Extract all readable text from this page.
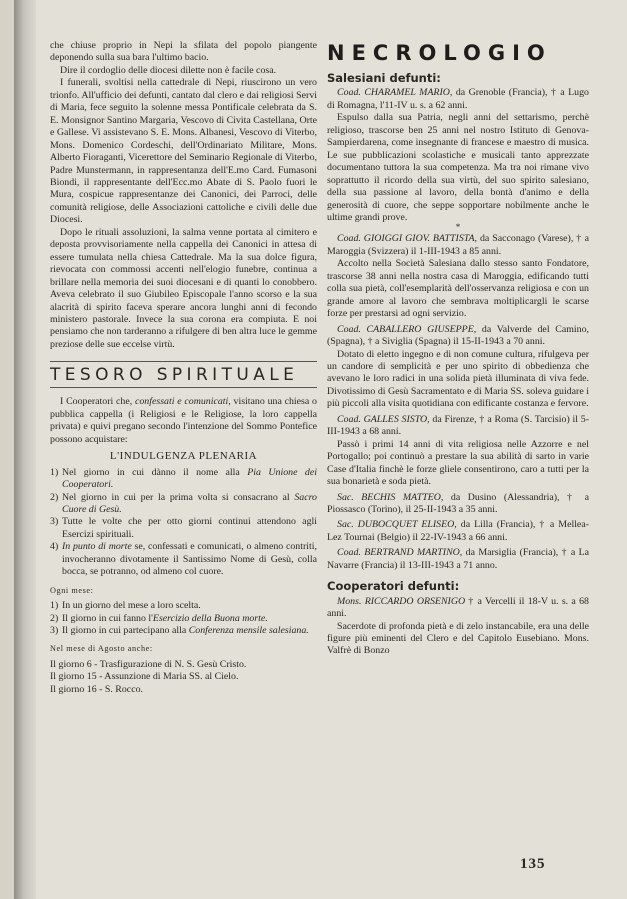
che chiuse proprio in Nepi la sfilata del popolo piangente deponendo sulla sua bara l'ultimo bacio.

Dire il cordoglio delle diocesi dilette non è facile cosa.

I funerali, svoltisi nella cattedrale di Nepi, riuscirono un vero trionfo. All'ufficio dei defunti, cantato dal clero e dai religiosi Servi di Maria, fece seguito la solenne messa Pontificale celebrata da S. E. Monsignor Santino Margaria, Vescovo di Civita Castellana, Orte e Gallese. Vi assistevano S. E. Mons. Albanesi, Vescovo di Viterbo, Mons. Domenico Cordeschi, dell'Ordinariato Militare, Mons. Alberto Fioraganti, Vicerettore del Seminario Regionale di Viterbo, Padre Munstermann, in rappresentanza dell'E.mo Card. Fumasoni Biondi, il rappresentante dell'Ecc.mo Abate di S. Paolo fuori le Mura, cospicue rappresentanze dei Canonici, dei Parroci, delle comunità religiose, delle Associazioni cattoliche e civili delle due Diocesi.

Dopo le rituali assoluzioni, la salma venne portata al cimitero e deposta provvisoriamente nella cappella dei Canonici in attesa di essere tumulata nella chiesa Cattedrale. Ma la sua dolce figura, rievocata con commossi accenti nell'elogio funebre, continua a brillare nella memoria dei suoi diocesani e di quanti lo conobbero. Aveva celebrato il suo Giubileo Episcopale l'anno scorso e la sua alacrità di spirito faceva sperare ancora lunghi anni di fecondo ministero pastorale. Invece la sua corona era compiuta. E noi pensiamo che non tarderanno a rifulgere di ben altra luce le gemme preziose delle sue eccelse virtù.

TESORO SPIRITUALE

I Cooperatori che, confessati e comunicati, visitano una chiesa o pubblica cappella (i Religiosi e le Religiose, la loro cappella privata) e quivi pregano secondo l'intenzione del Sommo Pontefice possono acquistare:

L'INDULGENZA PLENARIA

1) Nel giorno in cui dànno il nome alla Pia Unione dei Cooperatori.

2) Nel giorno in cui per la prima volta si consacrano al Sacro Cuore di Gesù.

3) Tutte le volte che per otto giorni continui attendono agli Esercizi spirituali.

4) In punto di morte se, confessati e comunicati, o almeno contriti, invocheranno divotamente il Santissimo Nome di Gesù, colla bocca, se potranno, od almeno col cuore.

Ogni mese:

1) In un giorno del mese a loro scelta.

2) Il giorno in cui fanno l'Esercizio della Buona morte.

3) Il giorno in cui partecipano alla Conferenza mensile salesiana.

Nel mese di Agosto anche:

Il giorno 6 - Trasfigurazione di N. S. Gesù Cristo.

Il giorno 15 - Assunzione di Maria SS. al Cielo.

Il giorno 16 - S. Rocco.

NECROLOGIO
Salesiani defunti:

Coad. CHARAMEL MARIO, da Grenoble (Francia), † a Lugo di Romagna, l'11-IV u. s. a 62 anni.

Espulso dalla sua Patria, negli anni del settarismo, perchè religioso, trascorse ben 25 anni nel nostro Istituto di Genova-Sampierdarena, come insegnante di francese e maestro di musica. Le sue pubblicazioni scolastiche e musicali tanto apprezzate documentano tuttora la sua competenza. Ma tra noi rimane vivo soprattutto il ricordo della sua virtù, del suo spirito salesiano, della sua passione al lavoro, della bontà d'animo e della generosità di cuore, che seppe sopportare nobilmente anche le ultime grandi prove.

*

Coad. GIOIGGI GIOV. BATTISTA, da Sacconago (Varese), † a Maroggia (Svizzera) il 1-III-1943 a 85 anni.

Accolto nella Società Salesiana dallo stesso santo Fondatore, trascorse 38 anni nella nostra casa di Maroggia, edificando tutti colla sua pietà, coll'esemplarità dell'osservanza religiosa e con un grande amore al lavoro che sembrava moltiplicargli le scarse forze per prestarsi ad ogni servizio.

Coad. CABALLERO GIUSEPPE, da Valverde del Camino, (Spagna), † a Siviglia (Spagna) il 15-II-1943 a 70 anni.

Dotato di eletto ingegno e di non comune cultura, rifulgeva per un candore di semplicità e per uno spirito di obbedienza che avevano le loro radici in una solida pietà illuminata di viva fede. Divotissimo di Gesù Sacramentato e di Maria SS. soleva guidare i più piccoli alla visita quotidiana con edificante costanza e fervore.

Coad. GALLES SISTO, da Firenze, † a Roma (S. Tarcisio) il 5-III-1943 a 68 anni.

Passò i primi 14 anni di vita religiosa nelle Azzorre e nel Portogallo; poi continuò a prestare la sua abilità di sarto in varie Case d'Italia finchè le forze gliele consentirono, caro a tutti per la sua bonarietà e soda pietà.

Sac. BECHIS MATTEO, da Dusino (Alessandria), † a Piossasco (Torino), il 25-II-1943 a 35 anni.

Sac. DUBOCQUET ELISEO, da Lilla (Francia), † a Mellea-Lez Tournai (Belgio) il 22-IV-1943 a 66 anni.

Coad. BERTRAND MARTINO, da Marsiglia (Francia), † a La Navarre (Francia) il 13-III-1943 a 71 anno.

Cooperatori defunti:

Mons. RICCARDO ORSENIGO † a Vercelli il 18-V u. s. a 68 anni.

Sacerdote di profonda pietà e di zelo instancabile, era una delle figure più eminenti del Clero e del Capitolo Eusebiano. Mons. Valfrè di Bonzo

135
